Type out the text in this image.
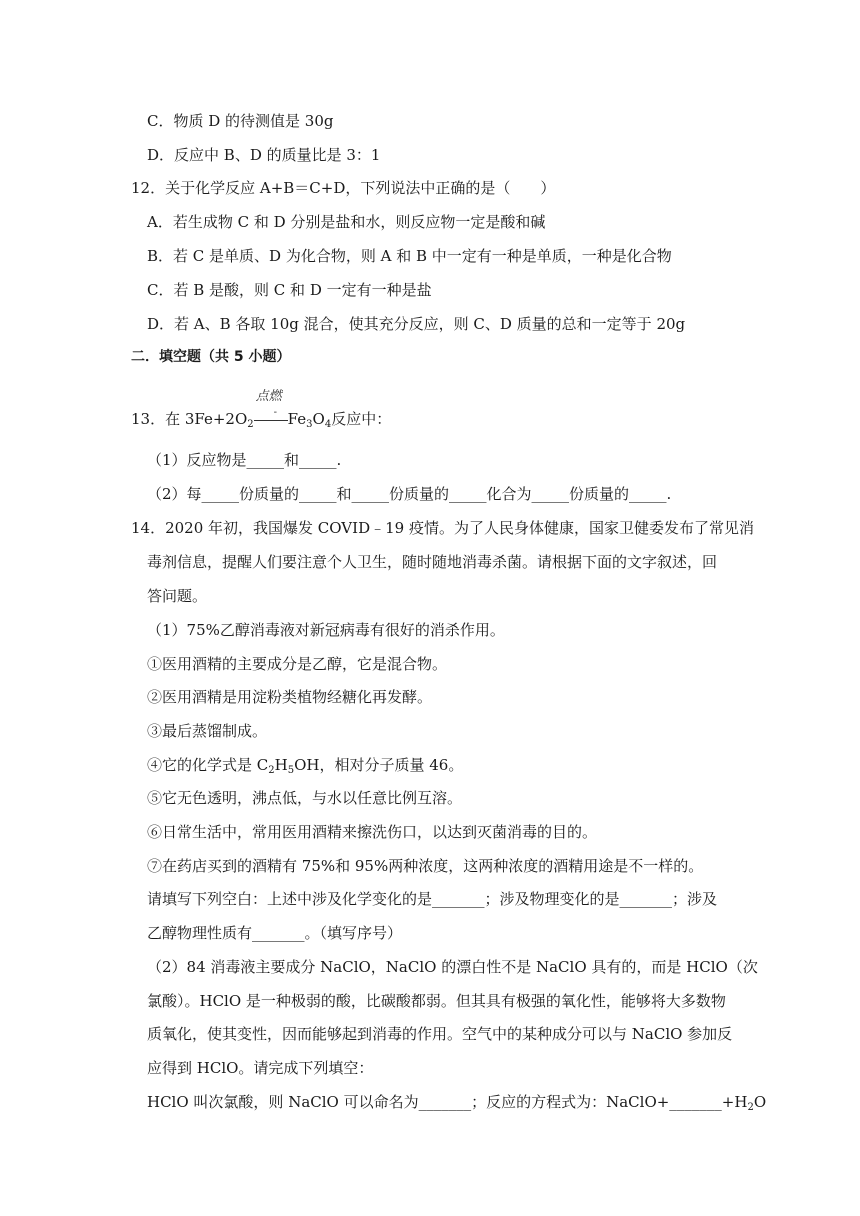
C．物质 D 的待测值是 30g
D．反应中 B、D 的质量比是 3：1
12．关于化学反应 A+B＝C+D，下列说法中正确的是（　　）
A．若生成物 C 和 D 分别是盐和水，则反应物一定是酸和碱
B．若 C 是单质、D 为化合物，则 A 和 B 中一定有一种是单质，一种是化合物
C．若 B 是酸，则 C 和 D 一定有一种是盐
D．若 A、B 各取 10g 混合，使其充分反应，则 C、D 质量的总和一定等于 20g
二．填空题（共 5 小题）
13．在 $3Fe+2O_2$
点燃
- $Fe_3O_4$反应中：
（1）反应物是_____和_____.
（2）每_____份质量的_____和_____份质量的_____化合为_____份质量的_____.
14．2020 年初，我国爆发 COVID﹣19 疫情。为了人民身体健康，国家卫健委发布了常见消
毒剂信息，提醒人们要注意个人卫生，随时随地消毒杀菌。请根据下面的文字叙述，回
答问题。
（1）75%乙醇消毒液对新冠病毒有很好的消杀作用。
①医用酒精的主要成分是乙醇，它是混合物。
②医用酒精是用淀粉类植物经糖化再发酵。
③最后蒸馏制成。
④它的化学式是 $C_2H_5OH$，相对分子质量 46。
⑤它无色透明，沸点低，与水以任意比例互溶。
⑥日常生活中，常用医用酒精来擦洗伤口，以达到灭菌消毒的目的。
⑦在药店买到的酒精有 75%和 95%两种浓度，这两种浓度的酒精用途是不一样的。
请填写下列空白：上述中涉及化学变化的是_______；涉及物理变化的是_______；涉及
乙醇物理性质有_______。（填写序号）
（2）84 消毒液主要成分 NaClO，NaClO 的漂白性不是 NaClO 具有的，而是 HClO（次
氯酸）。HClO 是一种极弱的酸，比碳酸都弱。但其具有极强的氧化性，能够将大多数物
质氧化，使其变性，因而能够起到消毒的作用。空气中的某种成分可以与 NaClO 参加反
应得到 HClO。请完成下列填空：
HClO 叫次氯酸，则 NaClO 可以命名为_______；反应的方程式为：$NaClO+\_\_\_\_\_\_\_+H_2O$
